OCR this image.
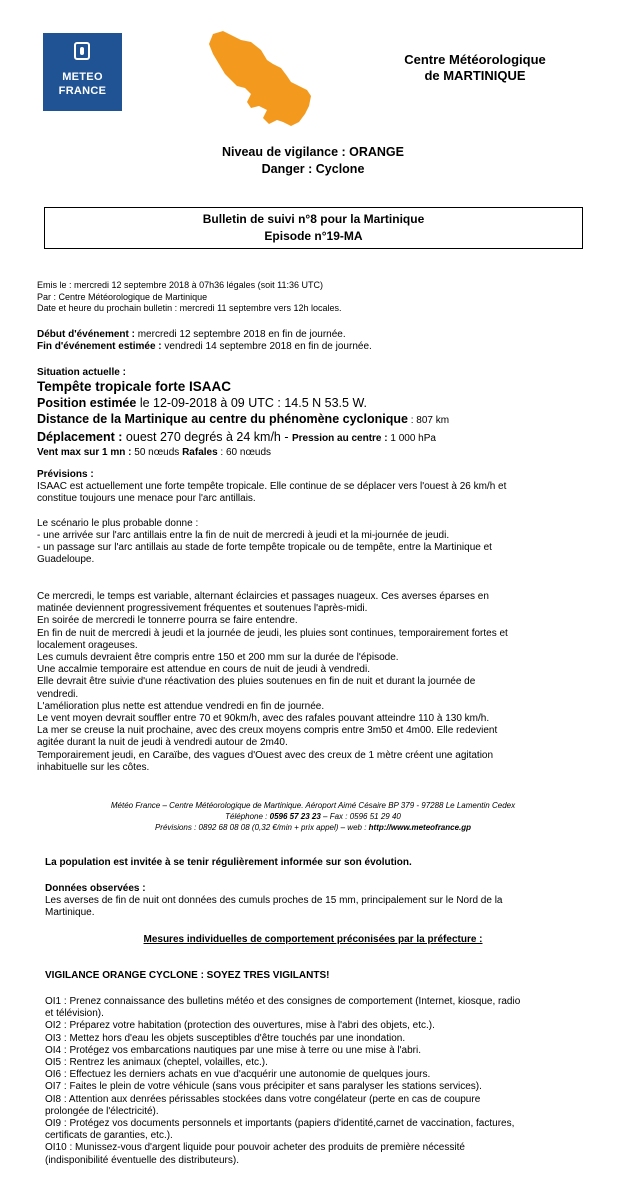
METEO
FRANCE
Centre Météorologique
de MARTINIQUE
Niveau de vigilance : ORANGE
Danger : Cyclone
Bulletin de suivi n°8 pour la Martinique
Episode n°19-MA
Emis le : mercredi 12 septembre 2018 à 07h36 légales (soit 11:36 UTC)
Par : Centre Météorologique de Martinique
Date et heure du prochain bulletin : mercredi 11 septembre vers 12h locales.
Début d'événement : mercredi 12 septembre 2018 en fin de journée.
Fin d'événement estimée : vendredi 14 septembre 2018 en fin de journée.
Situation actuelle :
Tempête tropicale forte ISAAC
Position estimée le 12-09-2018 à 09 UTC : 14.5 N 53.5 W.
Distance de la Martinique au centre du phénomène cyclonique : 807 km
Déplacement : ouest 270 degrés à 24 km/h - Pression au centre : 1 000 hPa
Vent max sur 1 mn : 50 nœuds Rafales : 60 nœuds
Prévisions :
ISAAC est actuellement une forte tempête tropicale. Elle continue de se déplacer vers l'ouest à 26 km/h et
constitue toujours une menace pour l'arc antillais.
Le scénario le plus probable donne :
- une arrivée sur l'arc antillais entre la fin de nuit de mercredi à jeudi et la mi-journée de jeudi.
- un passage sur l'arc antillais au stade de forte tempête tropicale ou de tempête, entre la Martinique et
Guadeloupe.
Ce mercredi, le temps est variable, alternant éclaircies et passages nuageux. Ces averses éparses en
matinée deviennent progressivement fréquentes et soutenues l'après-midi.
En soirée de mercredi le tonnerre pourra se faire entendre.
En fin de nuit de mercredi à jeudi et la journée de jeudi, les pluies sont continues, temporairement fortes et
localement orageuses.
Les cumuls devraient être compris entre 150 et 200 mm sur la durée de l'épisode.
Une accalmie temporaire est attendue en cours de nuit de jeudi à vendredi.
Elle devrait être suivie d'une réactivation des pluies soutenues en fin de nuit et durant la journée de
vendredi.
L'amélioration plus nette est attendue vendredi en fin de journée.
Le vent moyen devrait souffler entre 70 et 90km/h, avec des rafales pouvant atteindre 110 à 130 km/h.
La mer se creuse la nuit prochaine, avec des creux moyens compris entre 3m50 et 4m00. Elle redevient
agitée durant la nuit de jeudi à vendredi autour de 2m40.
Temporairement jeudi, en Caraïbe, des vagues d'Ouest avec des creux de 1 mètre créent une agitation
inhabituelle sur les côtes.
Météo France – Centre Météorologique de Martinique. Aéroport Aimé Césaire BP 379 - 97288 Le Lamentin Cedex
Téléphone : 0596 57 23 23 – Fax : 0596 51 29 40
Prévisions : 0892 68 08 08 (0,32 €/min + prix appel) – web : http://www.meteofrance.gp
La population est invitée à se tenir régulièrement informée sur son évolution.
Données observées :
Les averses de fin de nuit ont données des cumuls proches de 15 mm, principalement sur le Nord de la
Martinique.
Mesures individuelles de comportement préconisées par la préfecture :
VIGILANCE ORANGE CYCLONE : SOYEZ TRES VIGILANTS!
OI1 : Prenez connaissance des bulletins météo et des consignes de comportement (Internet, kiosque, radio
et télévision).
OI2 : Préparez votre habitation (protection des ouvertures, mise à l'abri des objets, etc.).
OI3 : Mettez hors d'eau les objets susceptibles d'être touchés par une inondation.
OI4 : Protégez vos embarcations nautiques par une mise à terre ou une mise à l'abri.
OI5 : Rentrez les animaux (cheptel, volailles, etc.).
OI6 : Effectuez les derniers achats en vue d'acquérir une autonomie de quelques jours.
OI7 : Faites le plein de votre véhicule (sans vous précipiter et sans paralyser les stations services).
OI8 : Attention aux denrées périssables stockées dans votre congélateur (perte en cas de coupure
prolongée de l'électricité).
OI9 : Protégez vos documents personnels et importants (papiers d'identité,carnet de vaccination, factures,
certificats de garanties, etc.).
OI10 : Munissez-vous d'argent liquide pour pouvoir acheter des produits de première nécessité
(indisponibilité éventuelle des distributeurs).
